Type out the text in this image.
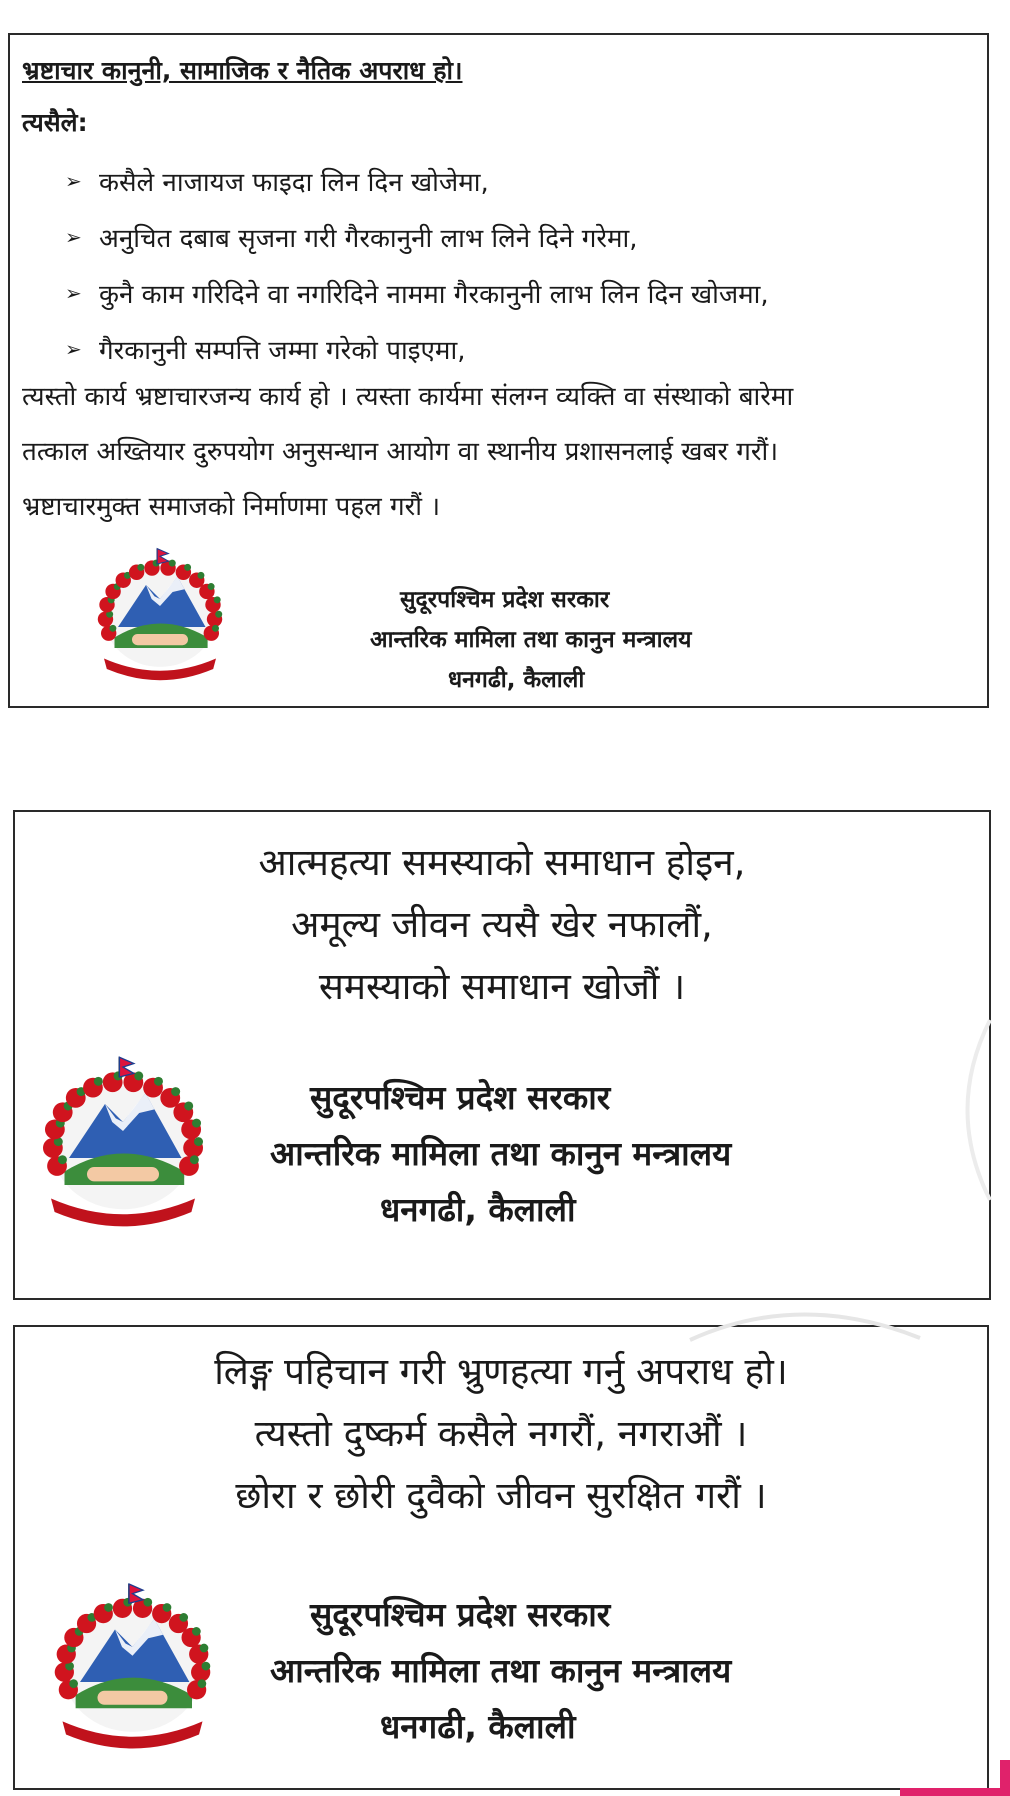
भ्रष्टाचार कानुनी, सामाजिक र नैतिक अपराध हो।
त्यसैले:
➢ कसैले नाजायज फाइदा लिन दिन खोजेमा,
➢ अनुचित दबाब सृजना गरी गैरकानुनी लाभ लिने दिने गरेमा,
➢ कुनै काम गरिदिने वा नगरिदिने नाममा गैरकानुनी लाभ लिन दिन खोजमा,
➢ गैरकानुनी सम्पत्ति जम्मा गरेको पाइएमा,
त्यस्तो कार्य भ्रष्टाचारजन्य कार्य हो । त्यस्ता कार्यमा संलग्न व्यक्ति वा संस्थाको बारेमा
तत्काल अख्तियार दुरुपयोग अनुसन्धान आयोग वा स्थानीय प्रशासनलाई खबर गरौं।
भ्रष्टाचारमुक्त समाजको निर्माणमा पहल गरौं ।
सुदूरपश्चिम प्रदेश सरकार
आन्तरिक मामिला तथा कानुन मन्त्रालय
धनगढी, कैलाली
आत्महत्या समस्याको समाधान होइन,
अमूल्य जीवन त्यसै खेर नफालौं,
समस्याको समाधान खोजौं ।
सुदूरपश्चिम प्रदेश सरकार
आन्तरिक मामिला तथा कानुन मन्त्रालय
धनगढी, कैलाली
लिङ्ग पहिचान गरी भ्रुणहत्या गर्नु अपराध हो।
त्यस्तो दुष्कर्म कसैले नगरौं, नगराऔं ।
छोरा र छोरी दुवैको जीवन सुरक्षित गरौं ।
सुदूरपश्चिम प्रदेश सरकार
आन्तरिक मामिला तथा कानुन मन्त्रालय
धनगढी, कैलाली
